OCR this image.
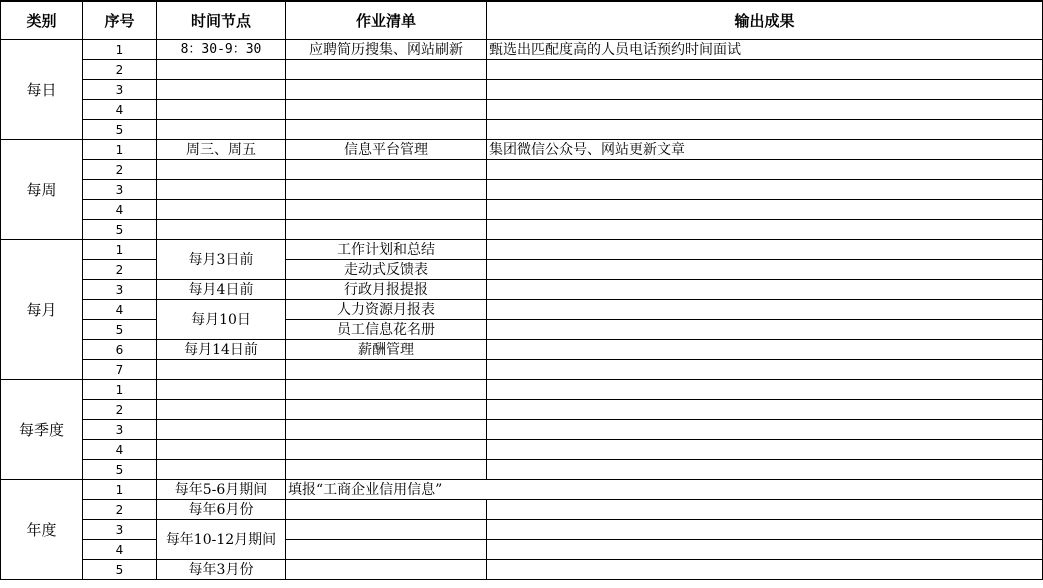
类别	序号	时间节点	作业清单	输出成果
每日	1	8：30-9：30	应聘简历搜集、网站刷新	甄选出匹配度高的人员电话预约时间面试
	2			
	3			
	4			
	5			
每周	1	周三、周五	信息平台管理	集团微信公众号、网站更新文章
	2			
	3			
	4			
	5			
每月	1	每月3日前	工作计划和总结	
	2		走动式反馈表	
	3	每月4日前	行政月报提报	
	4	每月10日	人力资源月报表	
	5		员工信息花名册	
	6	每月14日前	薪酬管理	
	7			
每季度	1			
	2			
	3			
	4			
	5			
年度	1	每年5-6月期间	填报“工商企业信用信息”	
	2	每年6月份		
	3	每年10-12月期间		
	4			
	5	每年3月份		
